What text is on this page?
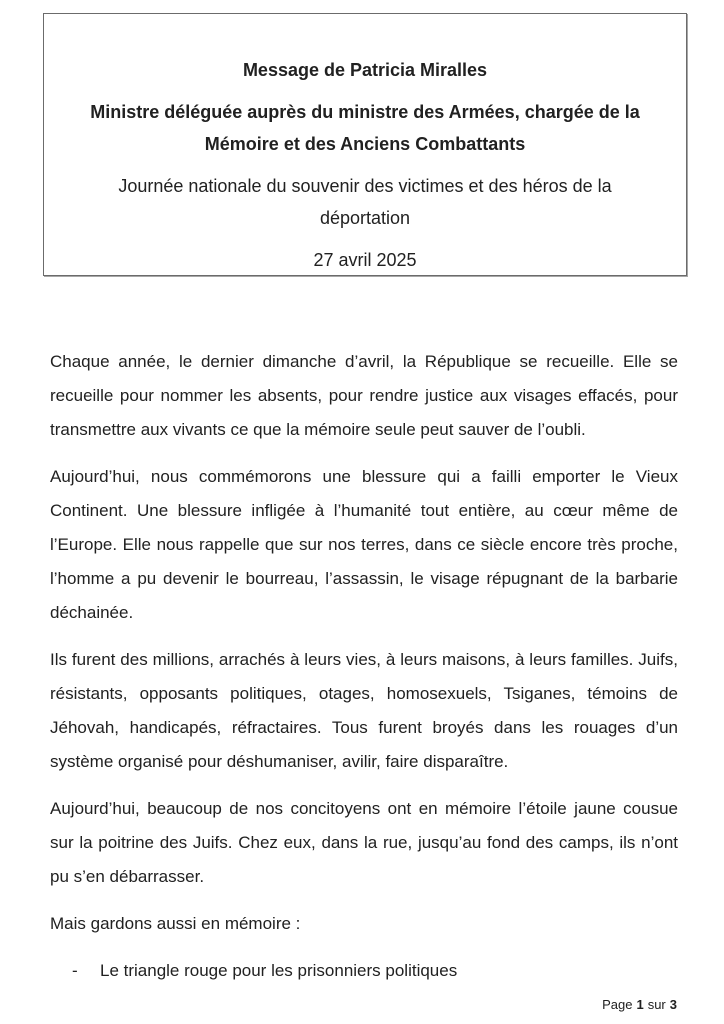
Message de Patricia Miralles

Ministre déléguée auprès du ministre des Armées, chargée de la Mémoire et des Anciens Combattants

Journée nationale du souvenir des victimes et des héros de la déportation

27 avril 2025

Chaque année, le dernier dimanche d’avril, la République se recueille. Elle se recueille pour nommer les absents, pour rendre justice aux visages effacés, pour transmettre aux vivants ce que la mémoire seule peut sauver de l’oubli.

Aujourd’hui, nous commémorons une blessure qui a failli emporter le Vieux Continent. Une blessure infligée à l’humanité tout entière, au cœur même de l’Europe. Elle nous rappelle que sur nos terres, dans ce siècle encore très proche, l’homme a pu devenir le bourreau, l’assassin, le visage répugnant de la barbarie déchainée.

Ils furent des millions, arrachés à leurs vies, à leurs maisons, à leurs familles. Juifs, résistants, opposants politiques, otages, homosexuels, Tsiganes, témoins de Jéhovah, handicapés, réfractaires. Tous furent broyés dans les rouages d’un système organisé pour déshumaniser, avilir, faire disparaître.

Aujourd’hui, beaucoup de nos concitoyens ont en mémoire l’étoile jaune cousue sur la poitrine des Juifs. Chez eux, dans la rue, jusqu’au fond des camps, ils n’ont pu s’en débarrasser.

Mais gardons aussi en mémoire :

-	Le triangle rouge pour les prisonniers politiques
Page 1 sur 3
